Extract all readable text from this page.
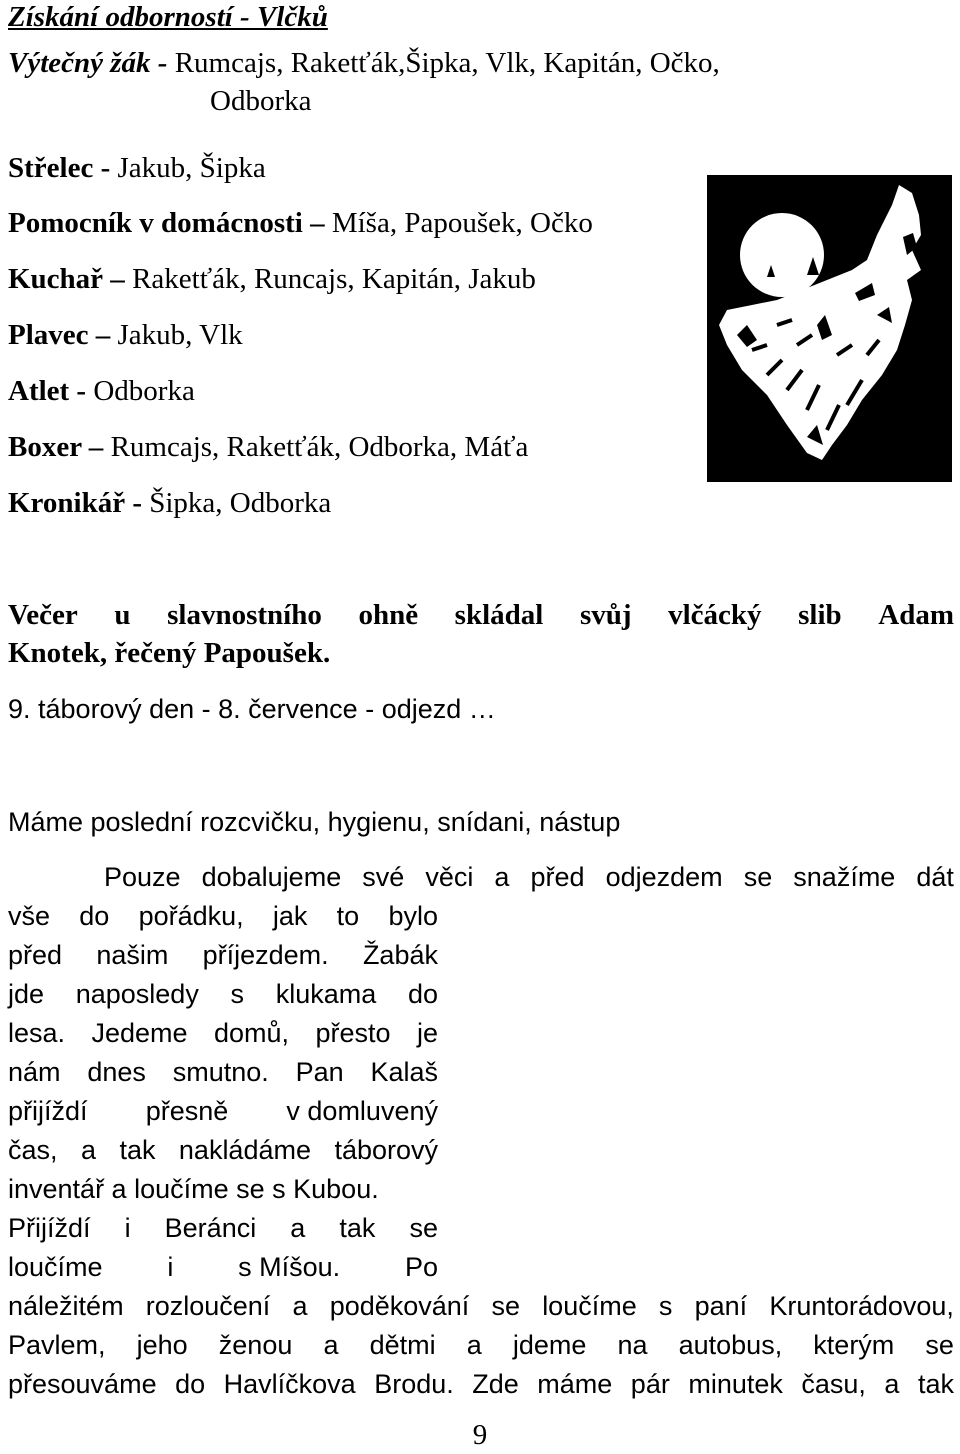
Získání odborností - Vlčků
Výtečný žák - Rumcajs, Raketťák,Šipka, Vlk, Kapitán, Očko,
Odborka
Střelec - Jakub, Šipka
Pomocník v domácnosti – Míša, Papoušek, Očko
Kuchař – Raketťák, Runcajs, Kapitán, Jakub
Plavec – Jakub, Vlk
Atlet - Odborka
Boxer – Rumcajs, Raketťák, Odborka, Máťa
Kronikář - Šipka, Odborka
Večer u slavnostního ohně skládal svůj vlčácký slib Adam
Knotek, řečený Papoušek.
9. táborový den - 8. července - odjezd …
Máme poslední rozcvičku, hygienu, snídani, nástup
Pouze dobalujeme své věci a před odjezdem se snažíme dát
vše do pořádku, jak to bylo
před našim příjezdem. Žabák
jde naposledy s klukama do
lesa. Jedeme domů, přesto je
nám dnes smutno. Pan Kalaš
přijíždí přesně v domluvený
čas, a tak nakládáme táborový
inventář a loučíme se s Kubou.
Přijíždí i Beránci a tak se
loučíme i s Míšou. Po
náležitém rozloučení a poděkování se loučíme s paní Kruntorádovou,
Pavlem, jeho ženou a dětmi a jdeme na autobus, kterým se
přesouváme do Havlíčkova Brodu. Zde máme pár minutek času, a tak
9
